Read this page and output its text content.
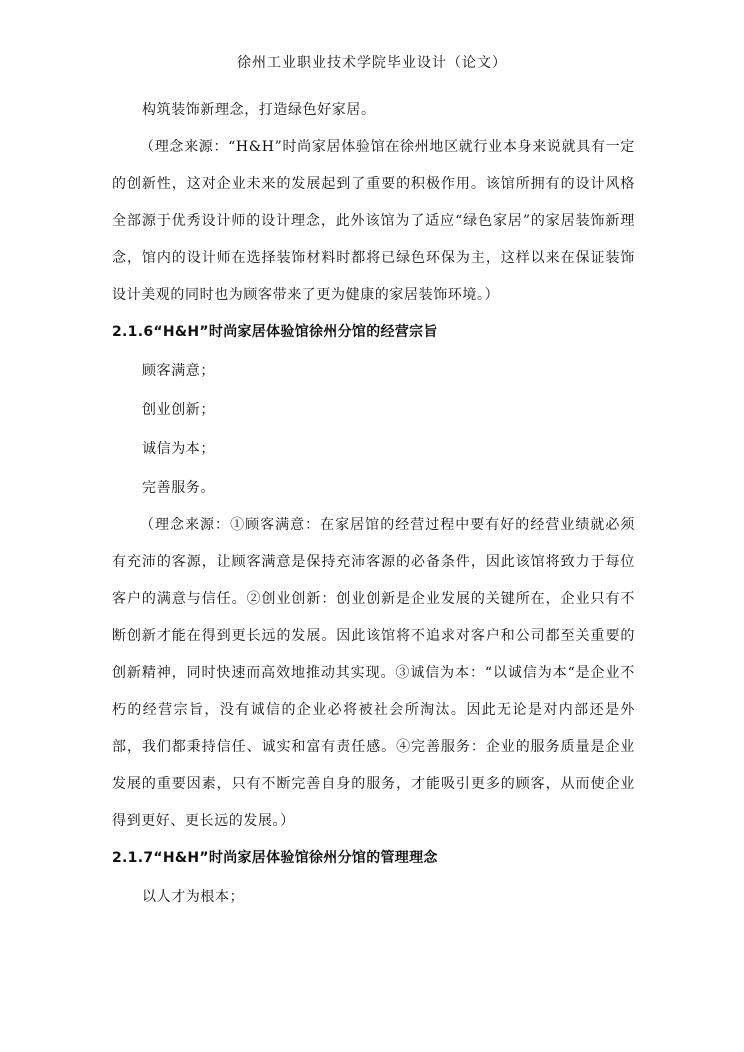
徐州工业职业技术学院毕业设计（论文）

构筑装饰新理念，打造绿色好家居。

（理念来源：“H&H”时尚家居体验馆在徐州地区就行业本身来说就具有一定的创新性，这对企业未来的发展起到了重要的积极作用。该馆所拥有的设计风格全部源于优秀设计师的设计理念，此外该馆为了适应“绿色家居”的家居装饰新理念，馆内的设计师在选择装饰材料时都将已绿色环保为主，这样以来在保证装饰设计美观的同时也为顾客带来了更为健康的家居装饰环境。）

2.1.6“H&H”时尚家居体验馆徐州分馆的经营宗旨

顾客满意；

创业创新；

诚信为本；

完善服务。

（理念来源：①顾客满意：在家居馆的经营过程中要有好的经营业绩就必须有充沛的客源，让顾客满意是保持充沛客源的必备条件，因此该馆将致力于每位客户的满意与信任。②创业创新：创业创新是企业发展的关键所在，企业只有不断创新才能在得到更长远的发展。因此该馆将不追求对客户和公司都至关重要的创新精神，同时快速而高效地推动其实现。③诚信为本：“以诚信为本“是企业不朽的经营宗旨，没有诚信的企业必将被社会所淘汰。因此无论是对内部还是外部，我们都秉持信任、诚实和富有责任感。④完善服务：企业的服务质量是企业发展的重要因素，只有不断完善自身的服务，才能吸引更多的顾客，从而使企业得到更好、更长远的发展。）

2.1.7“H&H”时尚家居体验馆徐州分馆的管理理念

以人才为根本；
